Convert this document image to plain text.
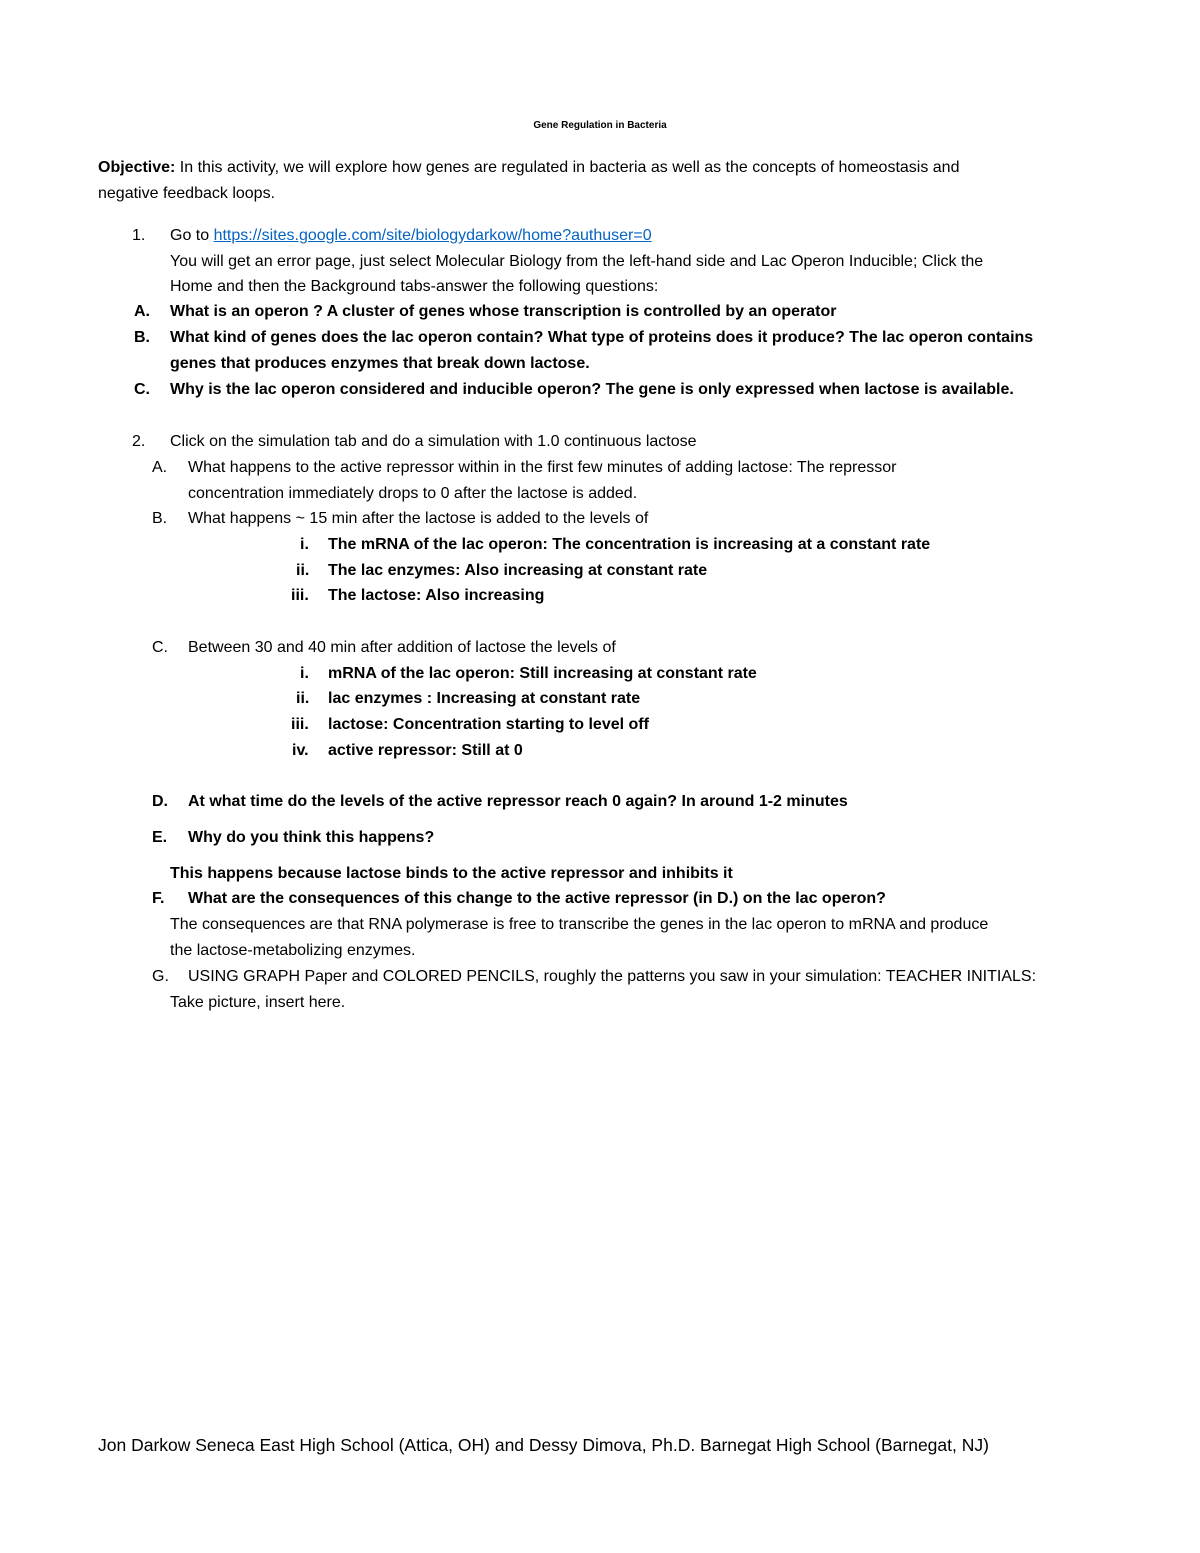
Gene Regulation in Bacteria
Objective: In this activity, we will explore how genes are regulated in bacteria as well as the concepts of homeostasis and
negative feedback loops.
1. Go to https://sites.google.com/site/biologydarkow/home?authuser=0
You will get an error page, just select Molecular Biology from the left-hand side and Lac Operon Inducible; Click the
Home and then the Background tabs-answer the following questions:
A. What is an operon ? A cluster of genes whose transcription is controlled by an operator
B. What kind of genes does the lac operon contain? What type of proteins does it produce? The lac operon contains
genes that produces enzymes that break down lactose.
C. Why is the lac operon considered and inducible operon? The gene is only expressed when lactose is available.
2. Click on the simulation tab and do a simulation with 1.0 continuous lactose
A. What happens to the active repressor within in the first few minutes of adding lactose: The repressor
concentration immediately drops to 0 after the lactose is added.
B. What happens ~ 15 min after the lactose is added to the levels of
i. The mRNA of the lac operon: The concentration is increasing at a constant rate
ii. The lac enzymes: Also increasing at constant rate
iii. The lactose: Also increasing
C. Between 30 and 40 min after addition of lactose the levels of
i. mRNA of the lac operon: Still increasing at constant rate
ii. lac enzymes : Increasing at constant rate
iii. lactose: Concentration starting to level off
iv. active repressor: Still at 0
D. At what time do the levels of the active repressor reach 0 again? In around 1-2 minutes
E. Why do you think this happens?
This happens because lactose binds to the active repressor and inhibits it
F. What are the consequences of this change to the active repressor (in D.) on the lac operon?
The consequences are that RNA polymerase is free to transcribe the genes in the lac operon to mRNA and produce
the lactose-metabolizing enzymes.
G. USING GRAPH Paper and COLORED PENCILS, roughly the patterns you saw in your simulation: TEACHER INITIALS:
Take picture, insert here.
Jon Darkow Seneca East High School (Attica, OH) and Dessy Dimova, Ph.D. Barnegat High School (Barnegat, NJ)
